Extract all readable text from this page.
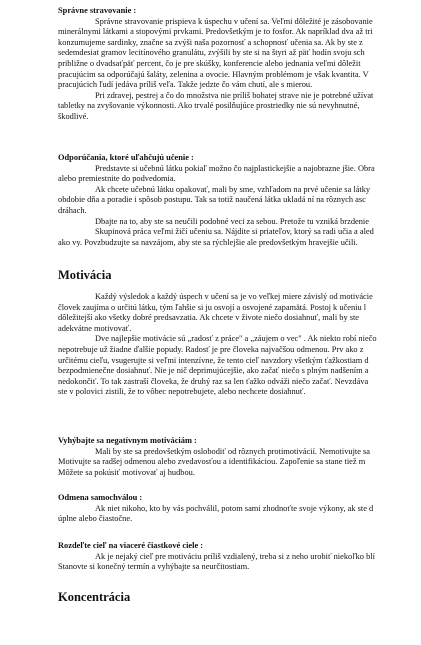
Správne stravovanie :
Správne stravovanie prispieva k úspechu v učení sa. Veľmi dôležité je zásobovanie
minerálnymi látkami a stopovými prvkami. Predovšetkým je to fosfor. Ak napríklad dva až tri
konzumujeme sardinky, značne sa zvýši naša pozornosť a schopnosť učenia sa. Ak by ste z
sedemdesiat gramov lecitínového granulátu, zvýšili by ste si na štyri až päť hodín svoju sch
približne o dvadsaťpäť percent, čo je pre skúšky, konferencie alebo jednania veľmi dôležit
pracujúcim sa odporúčajú šaláty, zelenina a ovocie. Hlavným problémom je však kvantita. V
pracujúcich ľudí jedáva príliš veľa. Takže jedzte čo vám chutí, ale s mierou.
Pri zdravej, pestrej a čo do množstva nie príliš bohatej strave nie je potrebné užívat
tabletky na zvyšovanie výkonnosti. Ako trvalé posilňujúce prostriedky nie sú nevyhnutné,
škodlivé.
Odporúčania, ktoré uľahčujú učenie :
Predstavte si učebnú látku pokiaľ možno čo najplastickejšie a najobrazne jšie. Obra
alebo premiestnite do podvedomia.
Ak chcete učebnú látku opakovať, mali by sme, vzhľadom na prvé učenie sa látky
obdobie dňa a poradie i spôsob postupu. Tak sa totiž naučená látka ukladá ní na rôznych asc
dráhach.
Dbajte na to, aby ste sa neučili podobné veci za sebou. Pretože tu vzniká brzdenie
Skupinová práca veľmi žičí učeniu sa. Nájdite si priateľov, ktorý sa radi učia a aled
ako vy. Povzbudzujte sa navzájom, aby ste sa rýchlejšie ale predovšetkým hravejšie učili.
Motivácia
Každý výsledok a každý úspech v učení sa je vo veľkej miere závislý od motivácie
človek zaujíma o určitú látku, tým ľahšie si ju osvojí a osvojené zapamätá. Postoj k učeniu l
dôležitejší ako všetky dobré predsavzatia. Ak chcete v živote niečo dosiahnuť, mali by ste
adekvátne motivovať.
Dve najlepšie motivácie sú „radosť z práce" a „záujem o vec" . Ak niekto robí niečo
nepotrebuje už žiadne ďalšie popudy. Radosť je pre človeka najvačšou odmenou. Prv ako z
určitému cieľu, vsugerujte si veľmi intenzívne, že tento cieľ navzdory všetkým ťažkostiam d
bezpodmienečne dosiahnuť. Nie je nič deprimujúcejšie, ako začať niečo s plným nadšením a
nedokončiť. To tak zastraší človeka, že druhý raz sa len ťažko odváži niečo začať. Nevzdáva
ste v polovici zistili, že to vôbec nepotrebujete, alebo nechcete dosiahnuť.
Vyhýbajte sa negatívnym motiváciám :
Mali by ste sa predovšetkým oslobodiť od rôznych protimotivácií. Nemotivujte sa
Motivujte sa radšej odmenou alebo zvedavosťou a identifikáciou. Zapoľenie sa stane tiež m
Môžete sa pokúsiť motivovať aj hudbou.
Odmena samochválou :
Ak niet nikoho, kto by vás pochválil, potom sami zhodnoťte svoje výkony, ak ste d
úplne alebo čiastočne.
Rozdeľte cieľ na viaceré čiastkové ciele :
Ak je nejaký cieľ pre motiváciu príliš vzdialený, treba si z neho urobiť niekoľko blí
Stanovte si konečný termín a vyhýbajte sa neurčitostiam.
Koncentrácia
